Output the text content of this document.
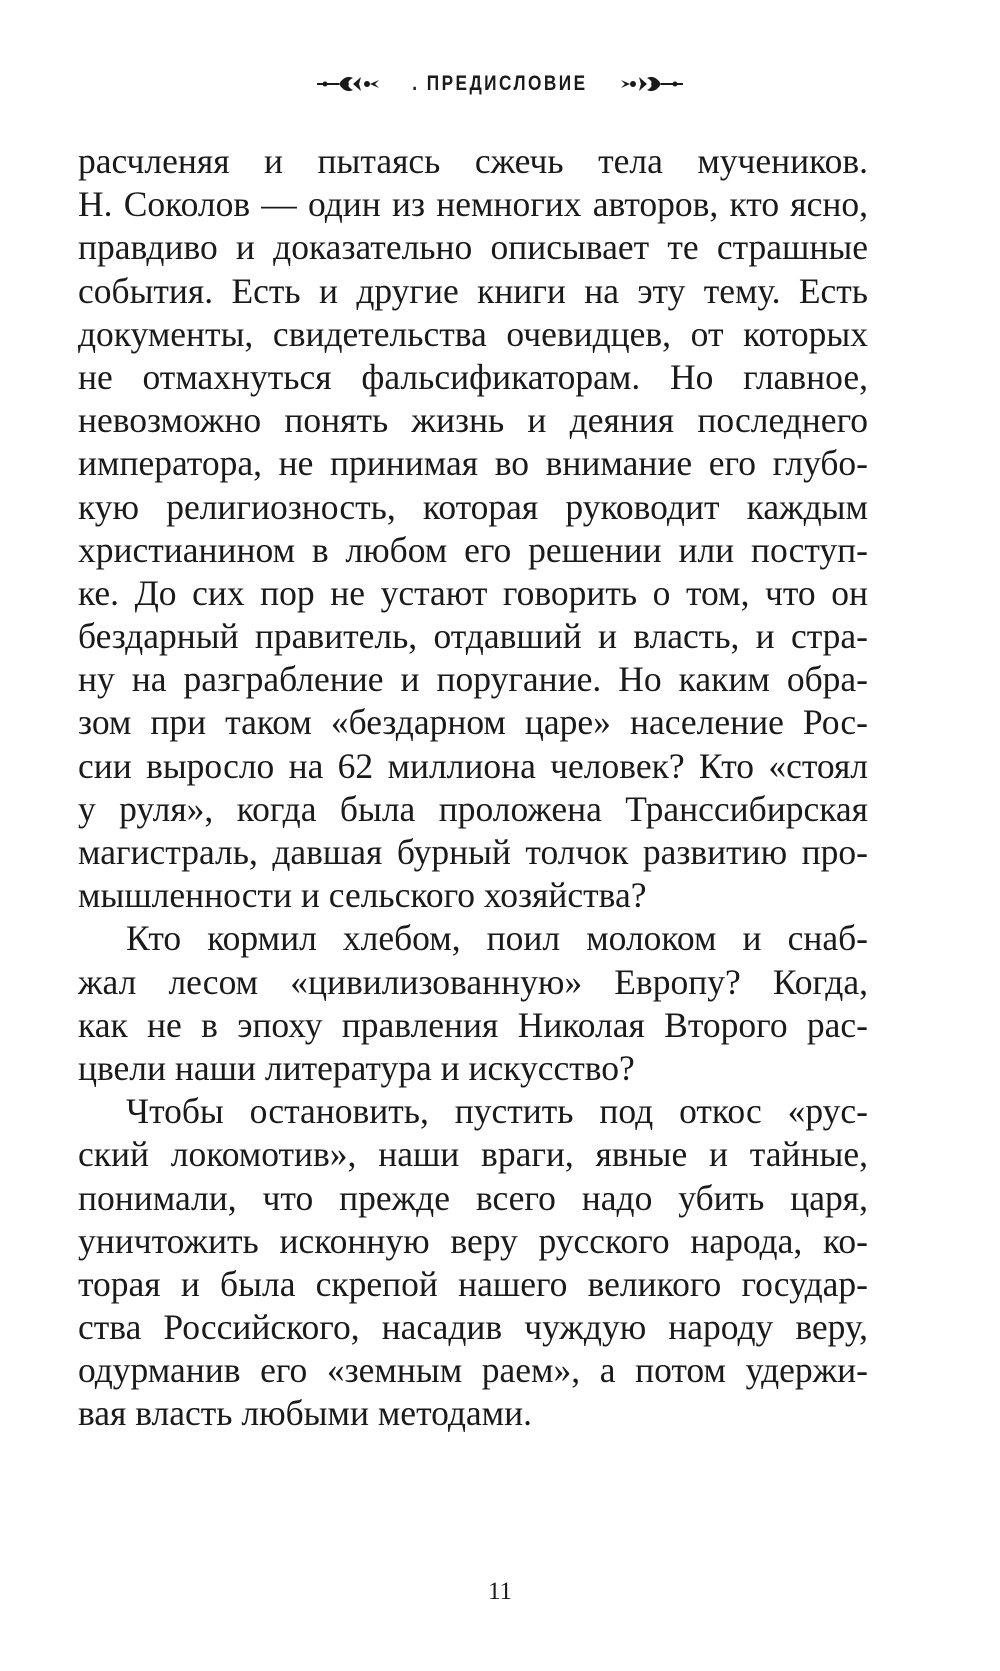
. ПРЕДИСЛОВИЕ
расчленяя и пытаясь сжечь тела мучеников.
Н. Соколов — один из немногих авторов, кто ясно,
правдиво и доказательно описывает те страшные
события. Есть и другие книги на эту тему. Есть
документы, свидетельства очевидцев, от которых
не отмахнуться фальсификаторам. Но главное,
невозможно понять жизнь и деяния последнего
императора, не принимая во внимание его глубо-
кую религиозность, которая руководит каждым
христианином в любом его решении или поступ-
ке. До сих пор не устают говорить о том, что он
бездарный правитель, отдавший и власть, и стра-
ну на разграбление и поругание. Но каким обра-
зом при таком «бездарном царе» население Рос-
сии выросло на 62 миллиона человек? Кто «стоял
у руля», когда была проложена Транссибирская
магистраль, давшая бурный толчок развитию про-
мышленности и сельского хозяйства?
Кто кормил хлебом, поил молоком и снаб-
жал лесом «цивилизованную» Европу? Когда,
как не в эпоху правления Николая Второго рас-
цвели наши литература и искусство?
Чтобы остановить, пустить под откос «рус-
ский локомотив», наши враги, явные и тайные,
понимали, что прежде всего надо убить царя,
уничтожить исконную веру русского народа, ко-
торая и была скрепой нашего великого государ-
ства Российского, насадив чуждую народу веру,
одурманив его «земным раем», а потом удержи-
вая власть любыми методами.
11
